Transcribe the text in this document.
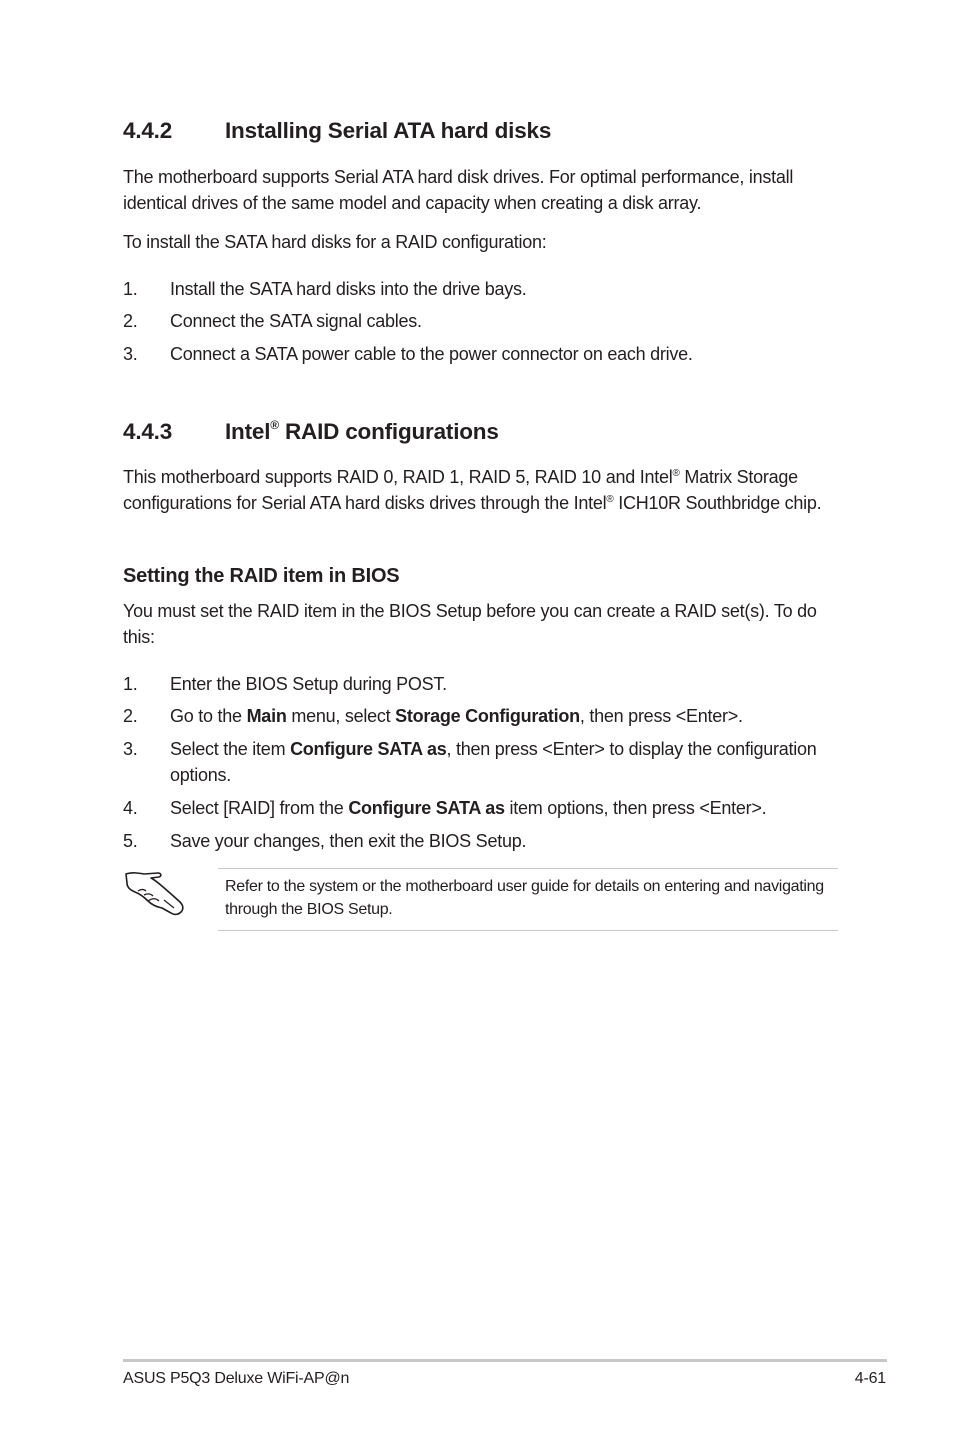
4.4.2 Installing Serial ATA hard disks

The motherboard supports Serial ATA hard disk drives. For optimal performance, install identical drives of the same model and capacity when creating a disk array.

To install the SATA hard disks for a RAID configuration:

1. Install the SATA hard disks into the drive bays.
2. Connect the SATA signal cables.
3. Connect a SATA power cable to the power connector on each drive.
4.4.3 Intel® RAID configurations

This motherboard supports RAID 0, RAID 1, RAID 5, RAID 10 and Intel® Matrix Storage configurations for Serial ATA hard disks drives through the Intel® ICH10R Southbridge chip.

Setting the RAID item in BIOS

You must set the RAID item in the BIOS Setup before you can create a RAID set(s). To do this:

1. Enter the BIOS Setup during POST.
2. Go to the Main menu, select Storage Configuration, then press <Enter>.
3. Select the item Configure SATA as, then press <Enter> to display the configuration options.
4. Select [RAID] from the Configure SATA as item options, then press <Enter>.
5. Save your changes, then exit the BIOS Setup.
Refer to the system or the motherboard user guide for details on entering and navigating through the BIOS Setup.
ASUS P5Q3 Deluxe WiFi-AP@n	4-61
